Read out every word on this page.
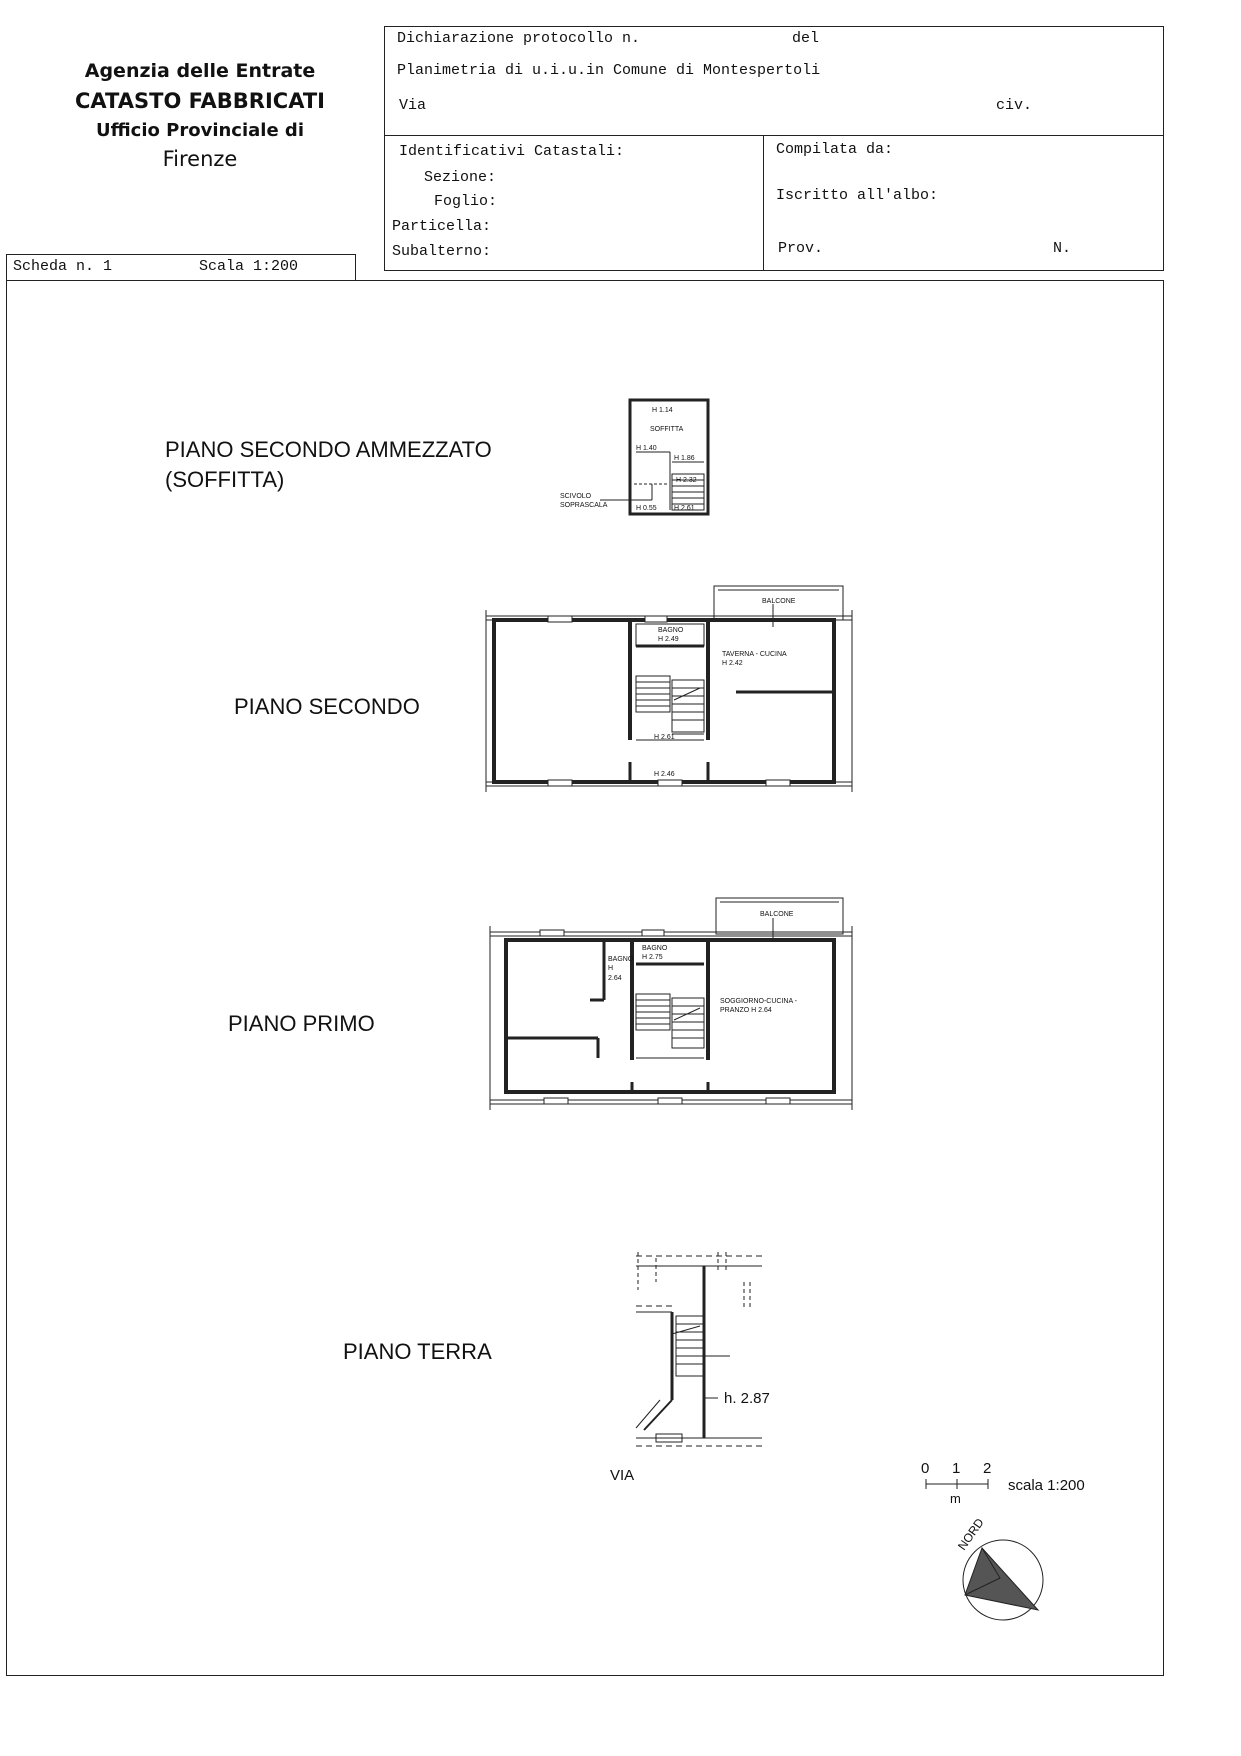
Agenzia delle Entrate
CATASTO FABBRICATI
Ufficio Provinciale di
Firenze
Dichiarazione protocollo n.	del
Planimetria di u.i.u.in Comune di Montespertoli
Via	civ.
Identificativi Catastali:
Sezione:
Foglio:
Particella:
Subalterno:
Compilata da:
Iscritto all'albo:
Prov.	N.
Scheda n. 1	Scala 1:200
PIANO SECONDO AMMEZZATO
(SOFFITTA)
PIANO SECONDO
PIANO PRIMO
PIANO TERRA
H 1.14
SOFFITTA
H 1.40
H 1.86
H 2.32
H 0.55 H 2.61
SCIVOLO
SOPRASCALA
BALCONE
BAGNO
H 2.49
TAVERNA - CUCINA
H 2.42
H 2.61
H 2.46
BALCONE
BAGNO
H 2.75
BAGNO
H
2.64
SOGGIORNO-CUCINA -
PRANZO H 2.64
h. 2.87
VIA	0 1 2
m
scala 1:200
NORD
